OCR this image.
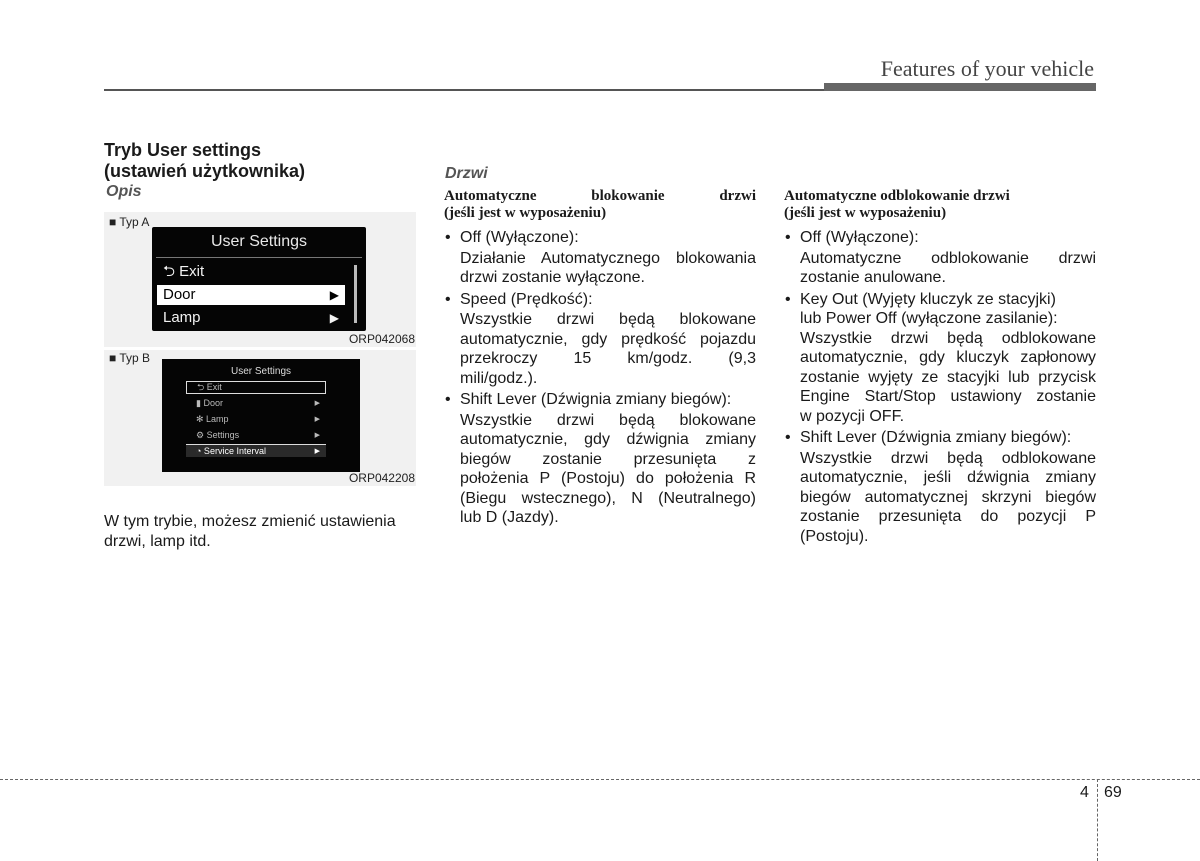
Features of your vehicle
Tryb User settings
(ustawień użytkownika)
Opis
■ Typ A
User Settings
⮌ Exit
Door	▶
Lamp	▶
ORP042068
■ Typ B
User Settings
⮌ Exit
▮ Door	▶
✻ Lamp	▶
⚙ Settings	▶
◔ Service Interval	▶
ORP042208
W tym trybie, możesz zmienić ustawienia
drzwi, lamp itd.
Drzwi
Automatyczne blokowanie drzwi
(jeśli jest w wyposażeniu)
• Off (Wyłączone):
Działanie Automatycznego blokowania
drzwi zostanie wyłączone.
• Speed (Prędkość):
Wszystkie drzwi będą blokowane
automatycznie, gdy prędkość pojazdu
przekroczy 15 km/godz. (9,3
mili/godz.).
• Shift Lever (Dźwignia zmiany biegów):
Wszystkie drzwi będą blokowane
automatycznie, gdy dźwignia zmiany
biegów zostanie przesunięta z
położenia P (Postoju) do położenia R
(Biegu wstecznego), N (Neutralnego)
lub D (Jazdy).
Automatyczne odblokowanie drzwi
(jeśli jest w wyposażeniu)
• Off (Wyłączone):
Automatyczne odblokowanie drzwi
zostanie anulowane.
• Key Out (Wyjęty kluczyk ze stacyjki)
lub Power Off (wyłączone zasilanie):
Wszystkie drzwi będą odblokowane
automatycznie, gdy kluczyk zapłonowy
zostanie wyjęty ze stacyjki lub przycisk
Engine Start/Stop ustawiony zostanie
w pozycji OFF.
• Shift Lever (Dźwignia zmiany biegów):
Wszystkie drzwi będą odblokowane
automatycznie, jeśli dźwignia zmiany
biegów automatycznej skrzyni biegów
zostanie przesunięta do pozycji P
(Postoju).
4 69
